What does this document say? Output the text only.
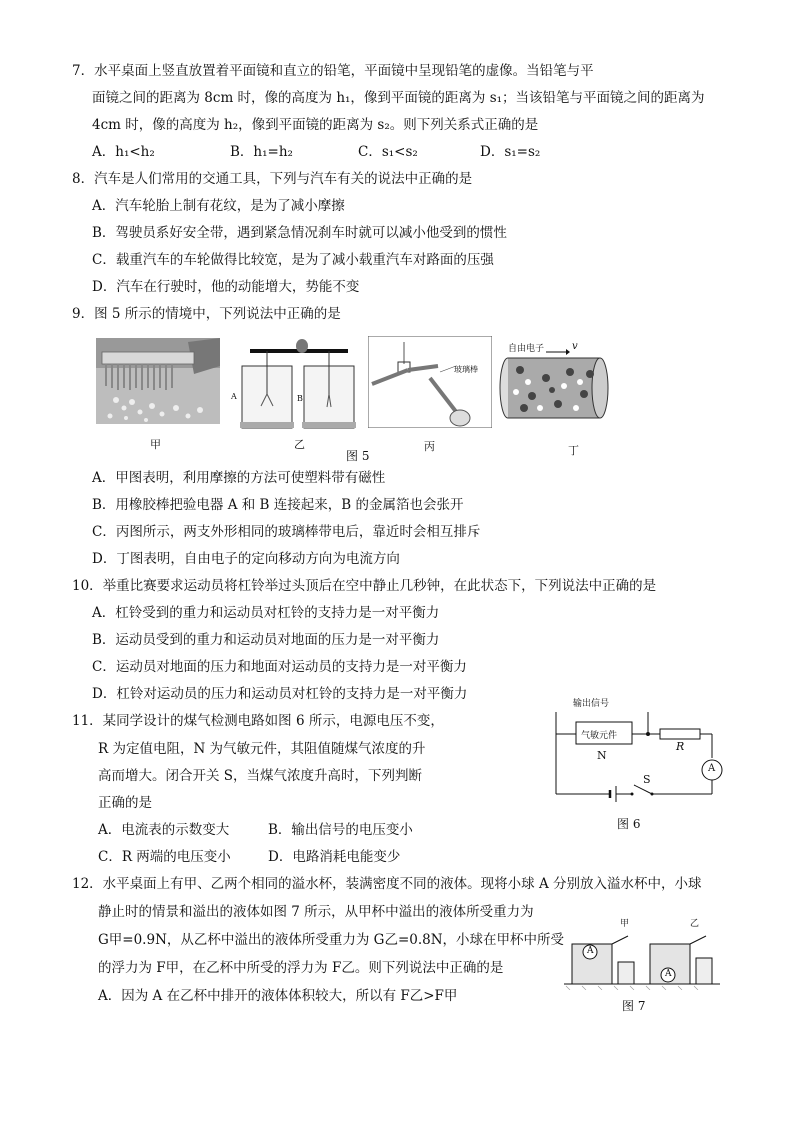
7．水平桌面上竖直放置着平面镜和直立的铅笔，平面镜中呈现铅笔的虚像。当铅笔与平
面镜之间的距离为 8cm 时，像的高度为 h₁，像到平面镜的距离为 s₁；当该铅笔与平面镜之间的距离为
4cm 时，像的高度为 h₂，像到平面镜的距离为 s₂。则下列关系式正确的是
A．h₁<h₂	B．h₁=h₂	C．s₁<s₂	D．s₁=s₂
8．汽车是人们常用的交通工具，下列与汽车有关的说法中正确的是
A．汽车轮胎上制有花纹，是为了减小摩擦
B．驾驶员系好安全带，遇到紧急情况刹车时就可以减小他受到的惯性
C．载重汽车的车轮做得比较宽，是为了减小载重汽车对路面的压强
D．汽车在行驶时，他的动能增大，势能不变
9．图 5 所示的情境中，下列说法中正确的是
甲
A	B
乙
玻璃棒
丙
自由电子	v
丁
图 5
A．甲图表明，利用摩擦的方法可使塑料带有磁性
B．用橡胶棒把验电器 A 和 B 连接起来，B 的金属箔也会张开
C．丙图所示，两支外形相同的玻璃棒带电后，靠近时会相互排斥
D．丁图表明，自由电子的定向移动方向为电流方向
10．举重比赛要求运动员将杠铃举过头顶后在空中静止几秒钟，在此状态下，下列说法中正确的是
A．杠铃受到的重力和运动员对杠铃的支持力是一对平衡力
B．运动员受到的重力和运动员对地面的压力是一对平衡力
C．运动员对地面的压力和地面对运动员的支持力是一对平衡力
D．杠铃对运动员的压力和运动员对杠铃的支持力是一对平衡力
11．某同学设计的煤气检测电路如图 6 所示，电源电压不变，
R 为定值电阻，N 为气敏元件，其阻值随煤气浓度的升
高而增大。闭合开关 S，当煤气浓度升高时，下列判断
正确的是
A．电流表的示数变大	B．输出信号的电压变小
C．R 两端的电压变小	D．电路消耗电能变少
输出信号
气敏元件
N
R
S
A
图 6
12．水平桌面上有甲、乙两个相同的溢水杯，装满密度不同的液体。现将小球 A 分别放入溢水杯中，小球
静止时的情景和溢出的液体如图 7 所示，从甲杯中溢出的液体所受重力为
G甲=0.9N，从乙杯中溢出的液体所受重力为 G乙=0.8N，小球在甲杯中所受
的浮力为 F甲，在乙杯中所受的浮力为 F乙。则下列说法中正确的是
A．因为 A 在乙杯中排开的液体体积较大，所以有 F乙>F甲
A
A
甲	乙
图 7
